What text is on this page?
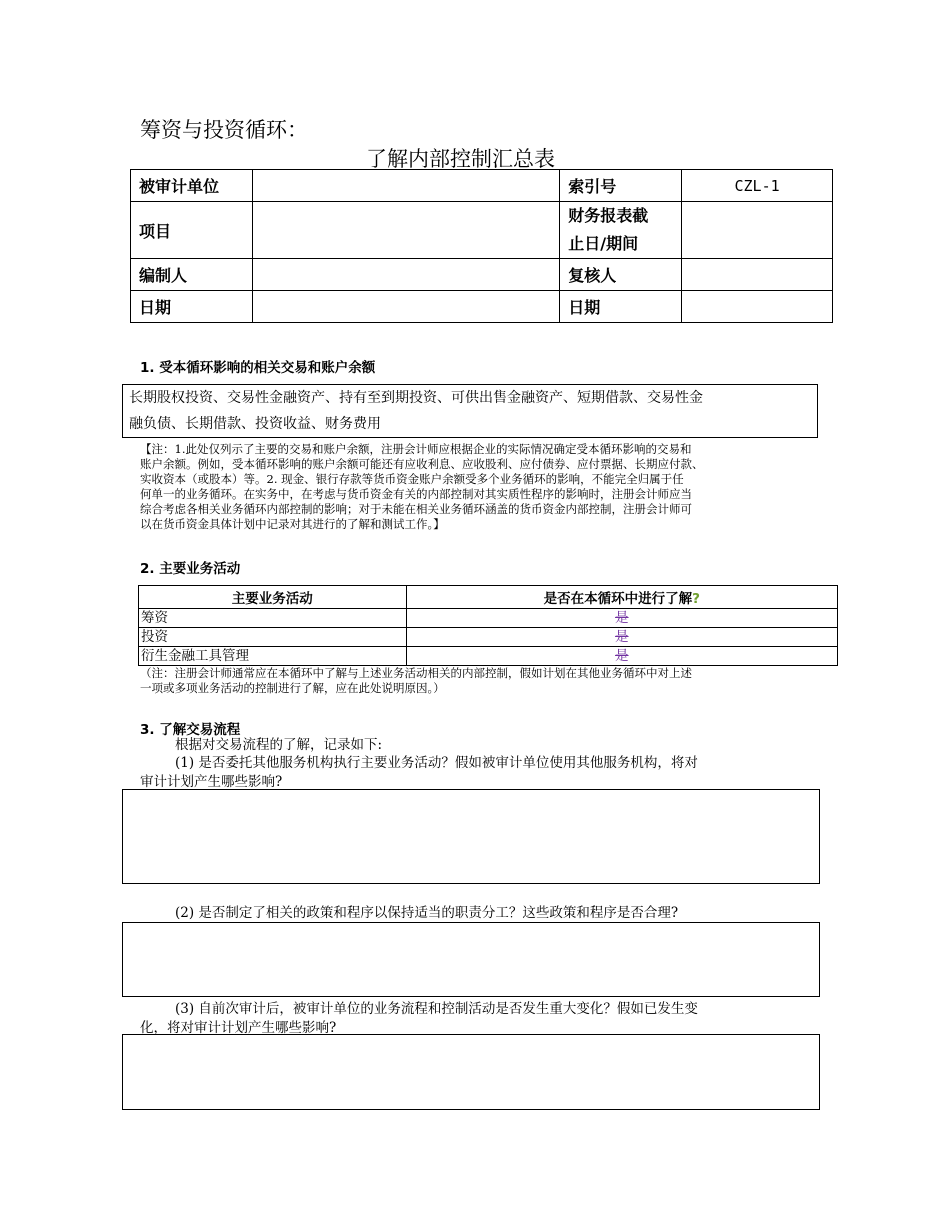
筹资与投资循环：
了解内部控制汇总表
被审计单位		索引号	CZL-1
项目		财务报表截
止日/期间	

编制人		复核人	
日期		日期	
1. 受本循环影响的相关交易和账户余额
长期股权投资、交易性金融资产、持有至到期投资、可供出售金融资产、短期借款、交易性金
融负债、长期借款、投资收益、财务费用
【注：1.此处仅列示了主要的交易和账户余额，注册会计师应根据企业的实际情况确定受本循环影响的交易和
账户余额。例如，受本循环影响的账户余额可能还有应收利息、应收股利、应付债券、应付票据、长期应付款、
实收资本（或股本）等。2. 现金、银行存款等货币资金账户余额受多个业务循环的影响，不能完全归属于任
何单一的业务循环。在实务中，在考虑与货币资金有关的内部控制对其实质性程序的影响时，注册会计师应当
综合考虑各相关业务循环内部控制的影响；对于未能在相关业务循环涵盖的货币资金内部控制，注册会计师可
以在货币资金具体计划中记录对其进行的了解和测试工作。】
2. 主要业务活动
主要业务活动	是否在本循环中进行了解?
筹资	是
投资	是
衍生金融工具管理	是
（注：注册会计师通常应在本循环中了解与上述业务活动相关的内部控制，假如计划在其他业务循环中对上述
一项或多项业务活动的控制进行了解，应在此处说明原因。）
3. 了解交易流程
根据对交易流程的了解，记录如下:
(1) 是否委托其他服务机构执行主要业务活动？假如被审计单位使用其他服务机构，将对
审计计划产生哪些影响?
(2) 是否制定了相关的政策和程序以保持适当的职责分工？这些政策和程序是否合理?
(3) 自前次审计后，被审计单位的业务流程和控制活动是否发生重大变化？假如已发生变
化，将对审计计划产生哪些影响?
